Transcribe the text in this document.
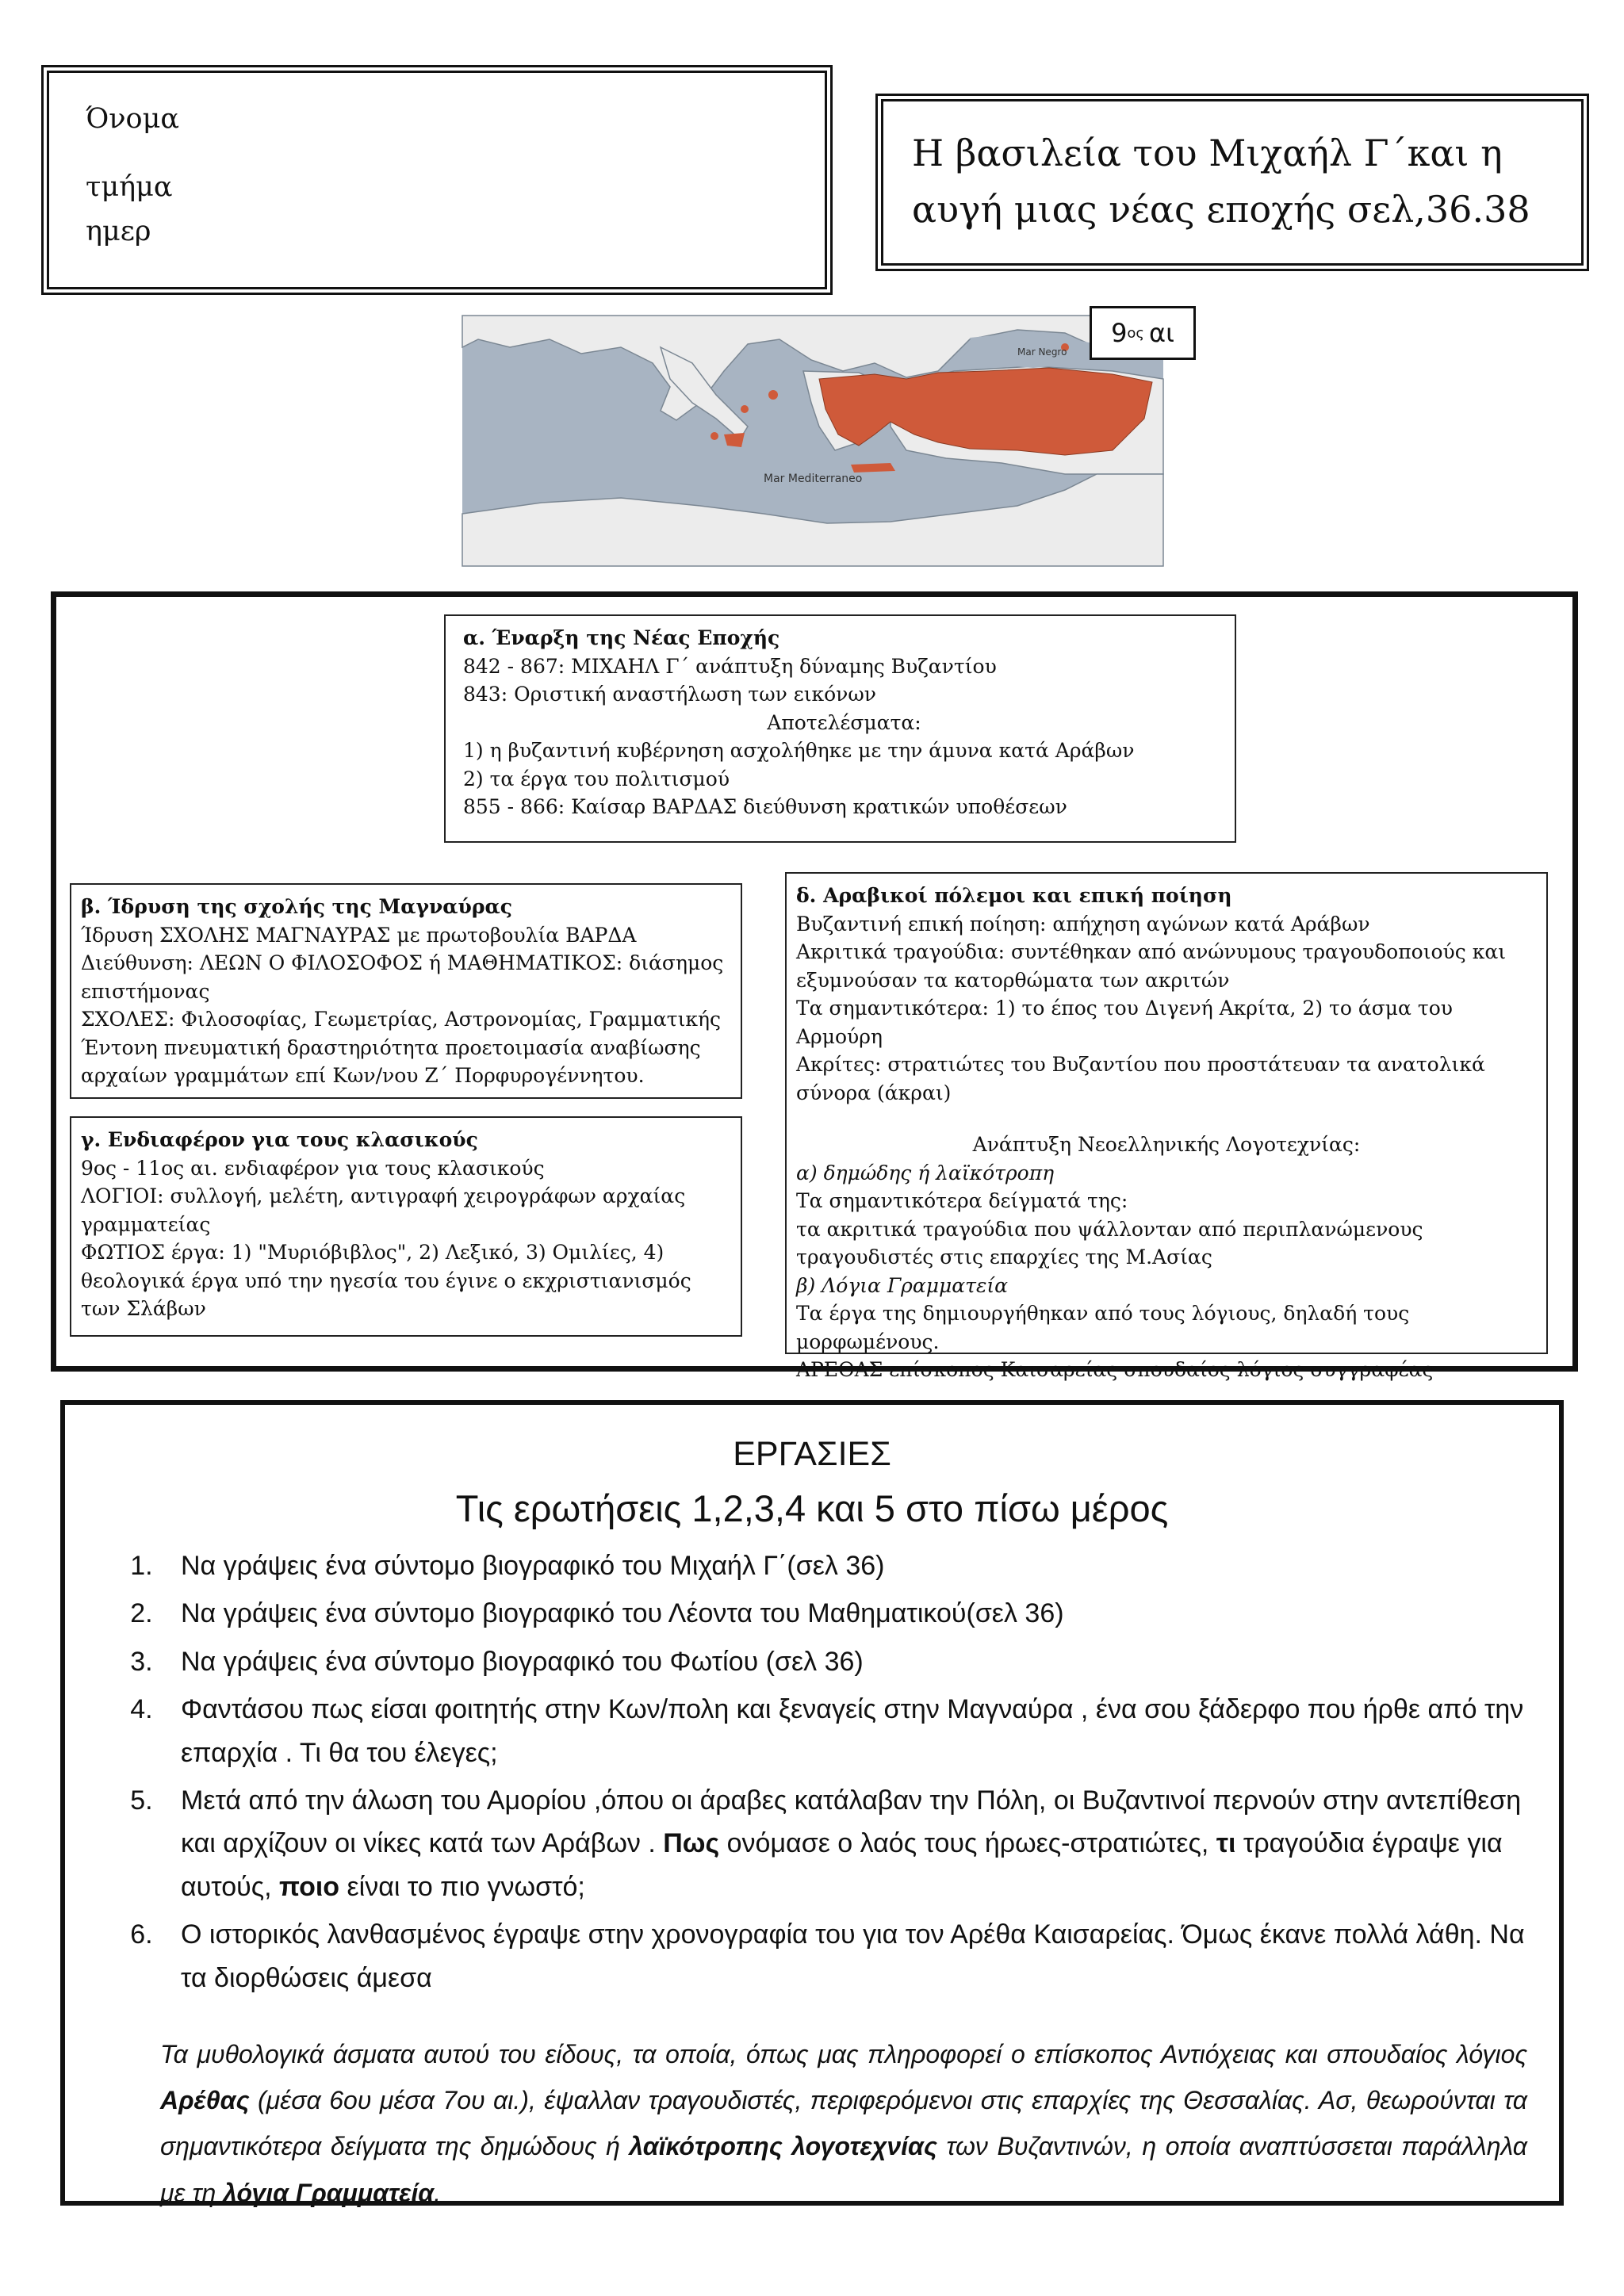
Όνομα
τμήμα
ημερ
Η βασιλεία του Μιχαήλ Γ΄και η
αυγή μιας νέας εποχής σελ,36.38
Mar Mediterraneo
Mar Negro
9 ος αι
α. Έναρξη της Νέας Εποχής
842 - 867: ΜΙΧΑΗΛ Γ΄ ανάπτυξη δύναμης Βυζαντίου
843: Οριστική αναστήλωση των εικόνων
Αποτελέσματα:
1) η βυζαντινή κυβέρνηση ασχολήθηκε με την άμυνα κατά Αράβων
2) τα έργα του πολιτισμού
855 - 866: Καίσαρ ΒΑΡΔΑΣ διεύθυνση κρατικών υποθέσεων
β. Ίδρυση της σχολής της Μαγναύρας
Ίδρυση ΣΧΟΛΗΣ ΜΑΓΝΑΥΡΑΣ με πρωτοβουλία ΒΑΡΔΑ
Διεύθυνση: ΛΕΩΝ Ο ΦΙΛΟΣΟΦΟΣ ή ΜΑΘΗΜΑΤΙΚΟΣ: διάσημος επιστήμονας
ΣΧΟΛΕΣ: Φιλοσοφίας, Γεωμετρίας, Αστρονομίας, Γραμματικής
Έντονη πνευματική δραστηριότητα προετοιμασία αναβίωσης αρχαίων γραμμάτων επί Κων/νου Ζ΄ Πορφυρογέννητου.
γ. Ενδιαφέρον για τους κλασικούς
9ος - 11ος αι. ενδιαφέρον για τους κλασικούς
ΛΟΓΙΟΙ: συλλογή, μελέτη, αντιγραφή χειρογράφων αρχαίας γραμματείας
ΦΩΤΙΟΣ έργα: 1) "Μυριόβιβλος", 2) Λεξικό, 3) Ομιλίες, 4) θεολογικά έργα υπό την ηγεσία του έγινε ο εκχριστιανισμός των Σλάβων
δ. Αραβικοί πόλεμοι και επική ποίηση
Βυζαντινή επική ποίηση: απήχηση αγώνων κατά Αράβων
Ακριτικά τραγούδια: συντέθηκαν από ανώνυμους τραγουδοποιούς και εξυμνούσαν τα κατορθώματα των ακριτών
Τα σημαντικότερα: 1) το έπος του Διγενή Ακρίτα, 2) το άσμα του Αρμούρη
Ακρίτες: στρατιώτες του Βυζαντίου που προστάτευαν τα ανατολικά σύνορα (άκραι)
Ανάπτυξη Νεοελληνικής Λογοτεχνίας:
α) δημώδης ή λαϊκότροπη
Τα σημαντικότερα δείγματά της:
τα ακριτικά τραγούδια που ψάλλονταν από περιπλανώμενους τραγουδιστές στις επαρχίες της Μ.Ασίας
β) Λόγια Γραμματεία
Τα έργα της δημιουργήθηκαν από τους λόγιους, δηλαδή τους μορφωμένους.
ΑΡΕΘΑΣ επίσκοπος Καισαρείας σπουδαίος λόγιος συγγραφέας
ΕΡΓΑΣΙΕΣ
Τις ερωτήσεις 1,2,3,4 και 5 στο πίσω μέρος
1. Να γράψεις ένα σύντομο βιογραφικό του Μιχαήλ Γ΄(σελ 36)
2. Να γράψεις ένα σύντομο βιογραφικό του Λέοντα του Μαθηματικού(σελ 36)
3. Να γράψεις ένα σύντομο βιογραφικό του Φωτίου (σελ 36)
4. Φαντάσου πως είσαι φοιτητής στην Κων/πολη και ξεναγείς στην Μαγναύρα , ένα σου ξάδερφο που ήρθε από την επαρχία . Τι θα του έλεγες;
5. Μετά από την άλωση του Αμορίου ,όπου οι άραβες κατάλαβαν την Πόλη, οι Βυζαντινοί περνούν στην αντεπίθεση και αρχίζουν οι νίκες κατά των Αράβων . Πως ονόμασε ο λαός τους ήρωες-στρατιώτες, τι τραγούδια έγραψε για αυτούς, ποιο είναι το πιο γνωστό;
6. Ο ιστορικός λανθασμένος έγραψε στην χρονογραφία του για τον Αρέθα Καισαρείας. Όμως έκανε πολλά λάθη. Να τα διορθώσεις άμεσα
Τα μυθολογικά άσματα αυτού του είδους, τα οποία, όπως μας πληροφορεί ο επίσκοπος Αντιόχειας και σπουδαίος λόγιος Αρέθας (μέσα 6ου μέσα 7ου αι.), έψαλλαν τραγουδιστές, περιφερόμενοι στις επαρχίες της Θεσσαλίας. Ασ, θεωρούνται τα σημαντικότερα δείγματα της δημώδους ή λαϊκότροπης λογοτεχνίας των Βυζαντινών, η οποία αναπτύσσεται παράλληλα με τη λόγια Γραμματεία.
